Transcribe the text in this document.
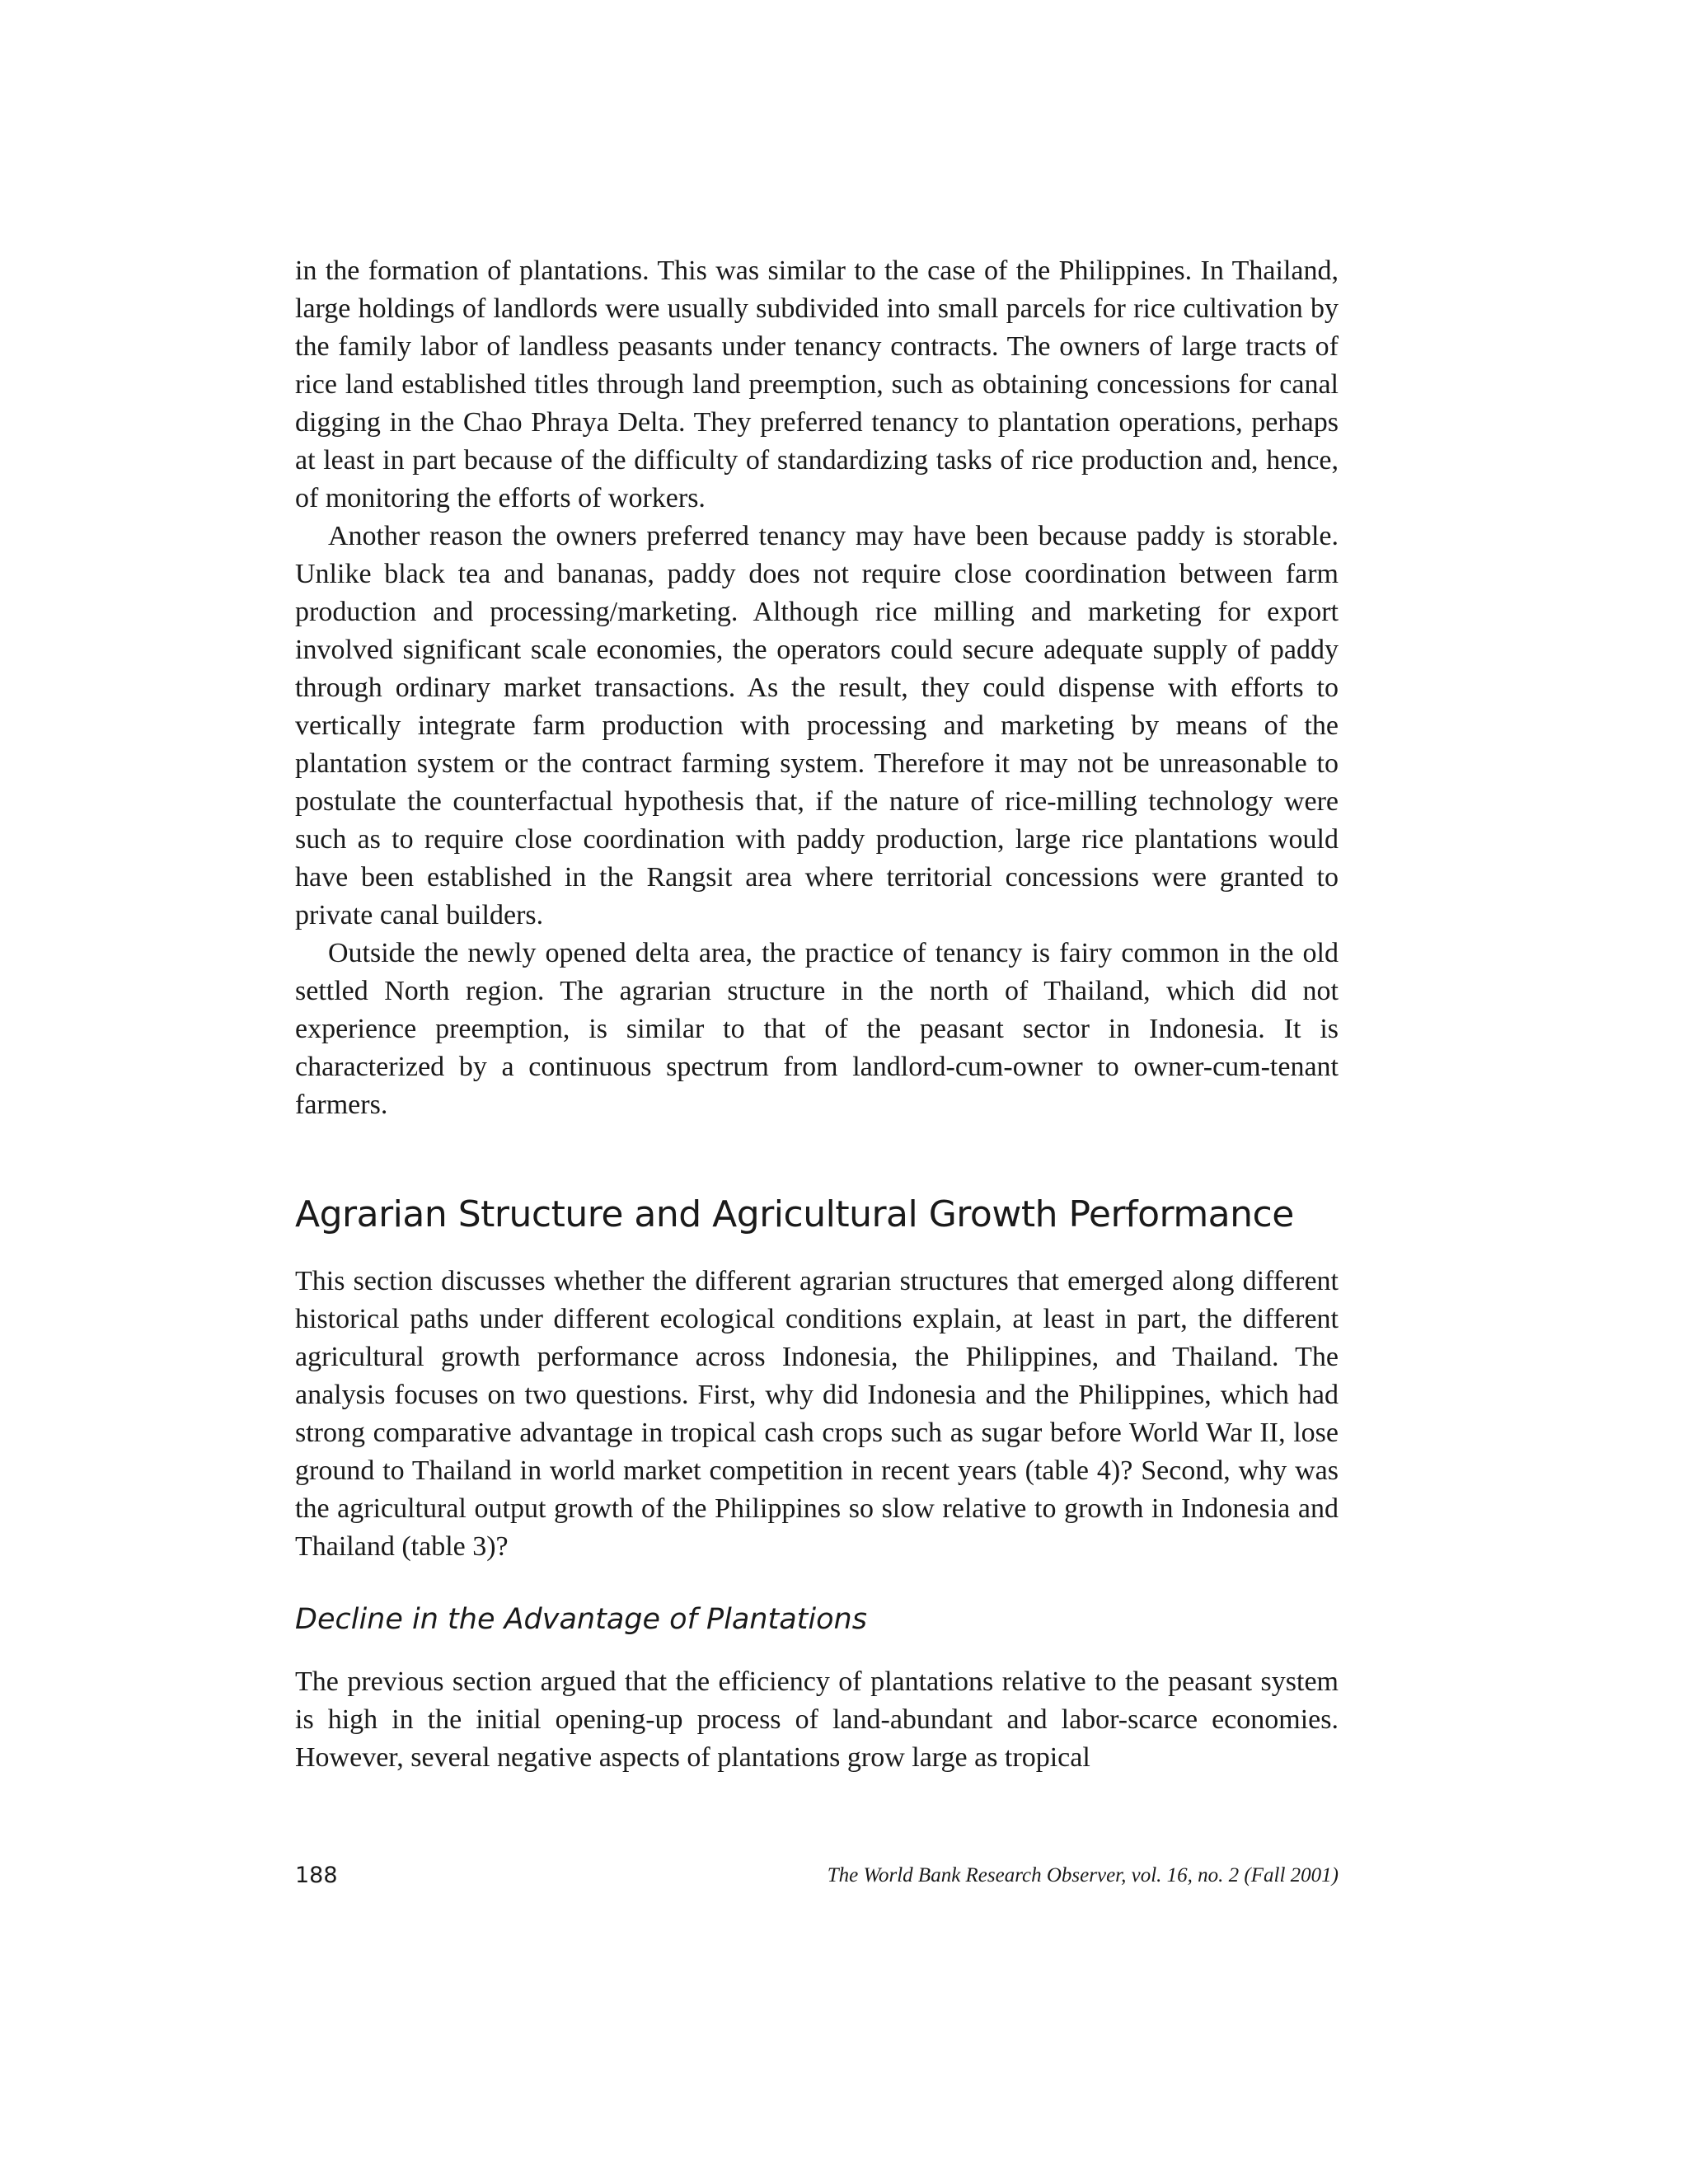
in the formation of plantations. This was similar to the case of the Philippines. In Thailand, large holdings of landlords were usually subdivided into small parcels for rice cultivation by the family labor of landless peasants under tenancy contracts. The owners of large tracts of rice land established titles through land preemption, such as obtaining concessions for canal digging in the Chao Phraya Delta. They preferred tenancy to plantation operations, perhaps at least in part because of the difficulty of standardizing tasks of rice production and, hence, of monitoring the efforts of workers.

Another reason the owners preferred tenancy may have been because paddy is storable. Unlike black tea and bananas, paddy does not require close coordination between farm production and processing/marketing. Although rice milling and marketing for export involved significant scale economies, the operators could secure adequate supply of paddy through ordinary market transactions. As the result, they could dispense with efforts to vertically integrate farm production with processing and marketing by means of the plantation system or the contract farming system. Therefore it may not be unreasonable to postulate the counterfactual hypothesis that, if the nature of rice-milling technology were such as to require close coordination with paddy production, large rice plantations would have been established in the Rangsit area where territorial concessions were granted to private canal builders.

Outside the newly opened delta area, the practice of tenancy is fairy common in the old settled North region. The agrarian structure in the north of Thailand, which did not experience preemption, is similar to that of the peasant sector in Indonesia. It is characterized by a continuous spectrum from landlord-cum-owner to owner-cum-tenant farmers.

Agrarian Structure and Agricultural Growth Performance

This section discusses whether the different agrarian structures that emerged along different historical paths under different ecological conditions explain, at least in part, the different agricultural growth performance across Indonesia, the Philippines, and Thailand. The analysis focuses on two questions. First, why did Indonesia and the Philippines, which had strong comparative advantage in tropical cash crops such as sugar before World War II, lose ground to Thailand in world market competition in recent years (table 4)? Second, why was the agricultural output growth of the Philippines so slow relative to growth in Indonesia and Thailand (table 3)?

Decline in the Advantage of Plantations

The previous section argued that the efficiency of plantations relative to the peasant system is high in the initial opening-up process of land-abundant and labor-scarce economies. However, several negative aspects of plantations grow large as tropical

188	The World Bank Research Observer, vol. 16, no. 2 (Fall 2001)
